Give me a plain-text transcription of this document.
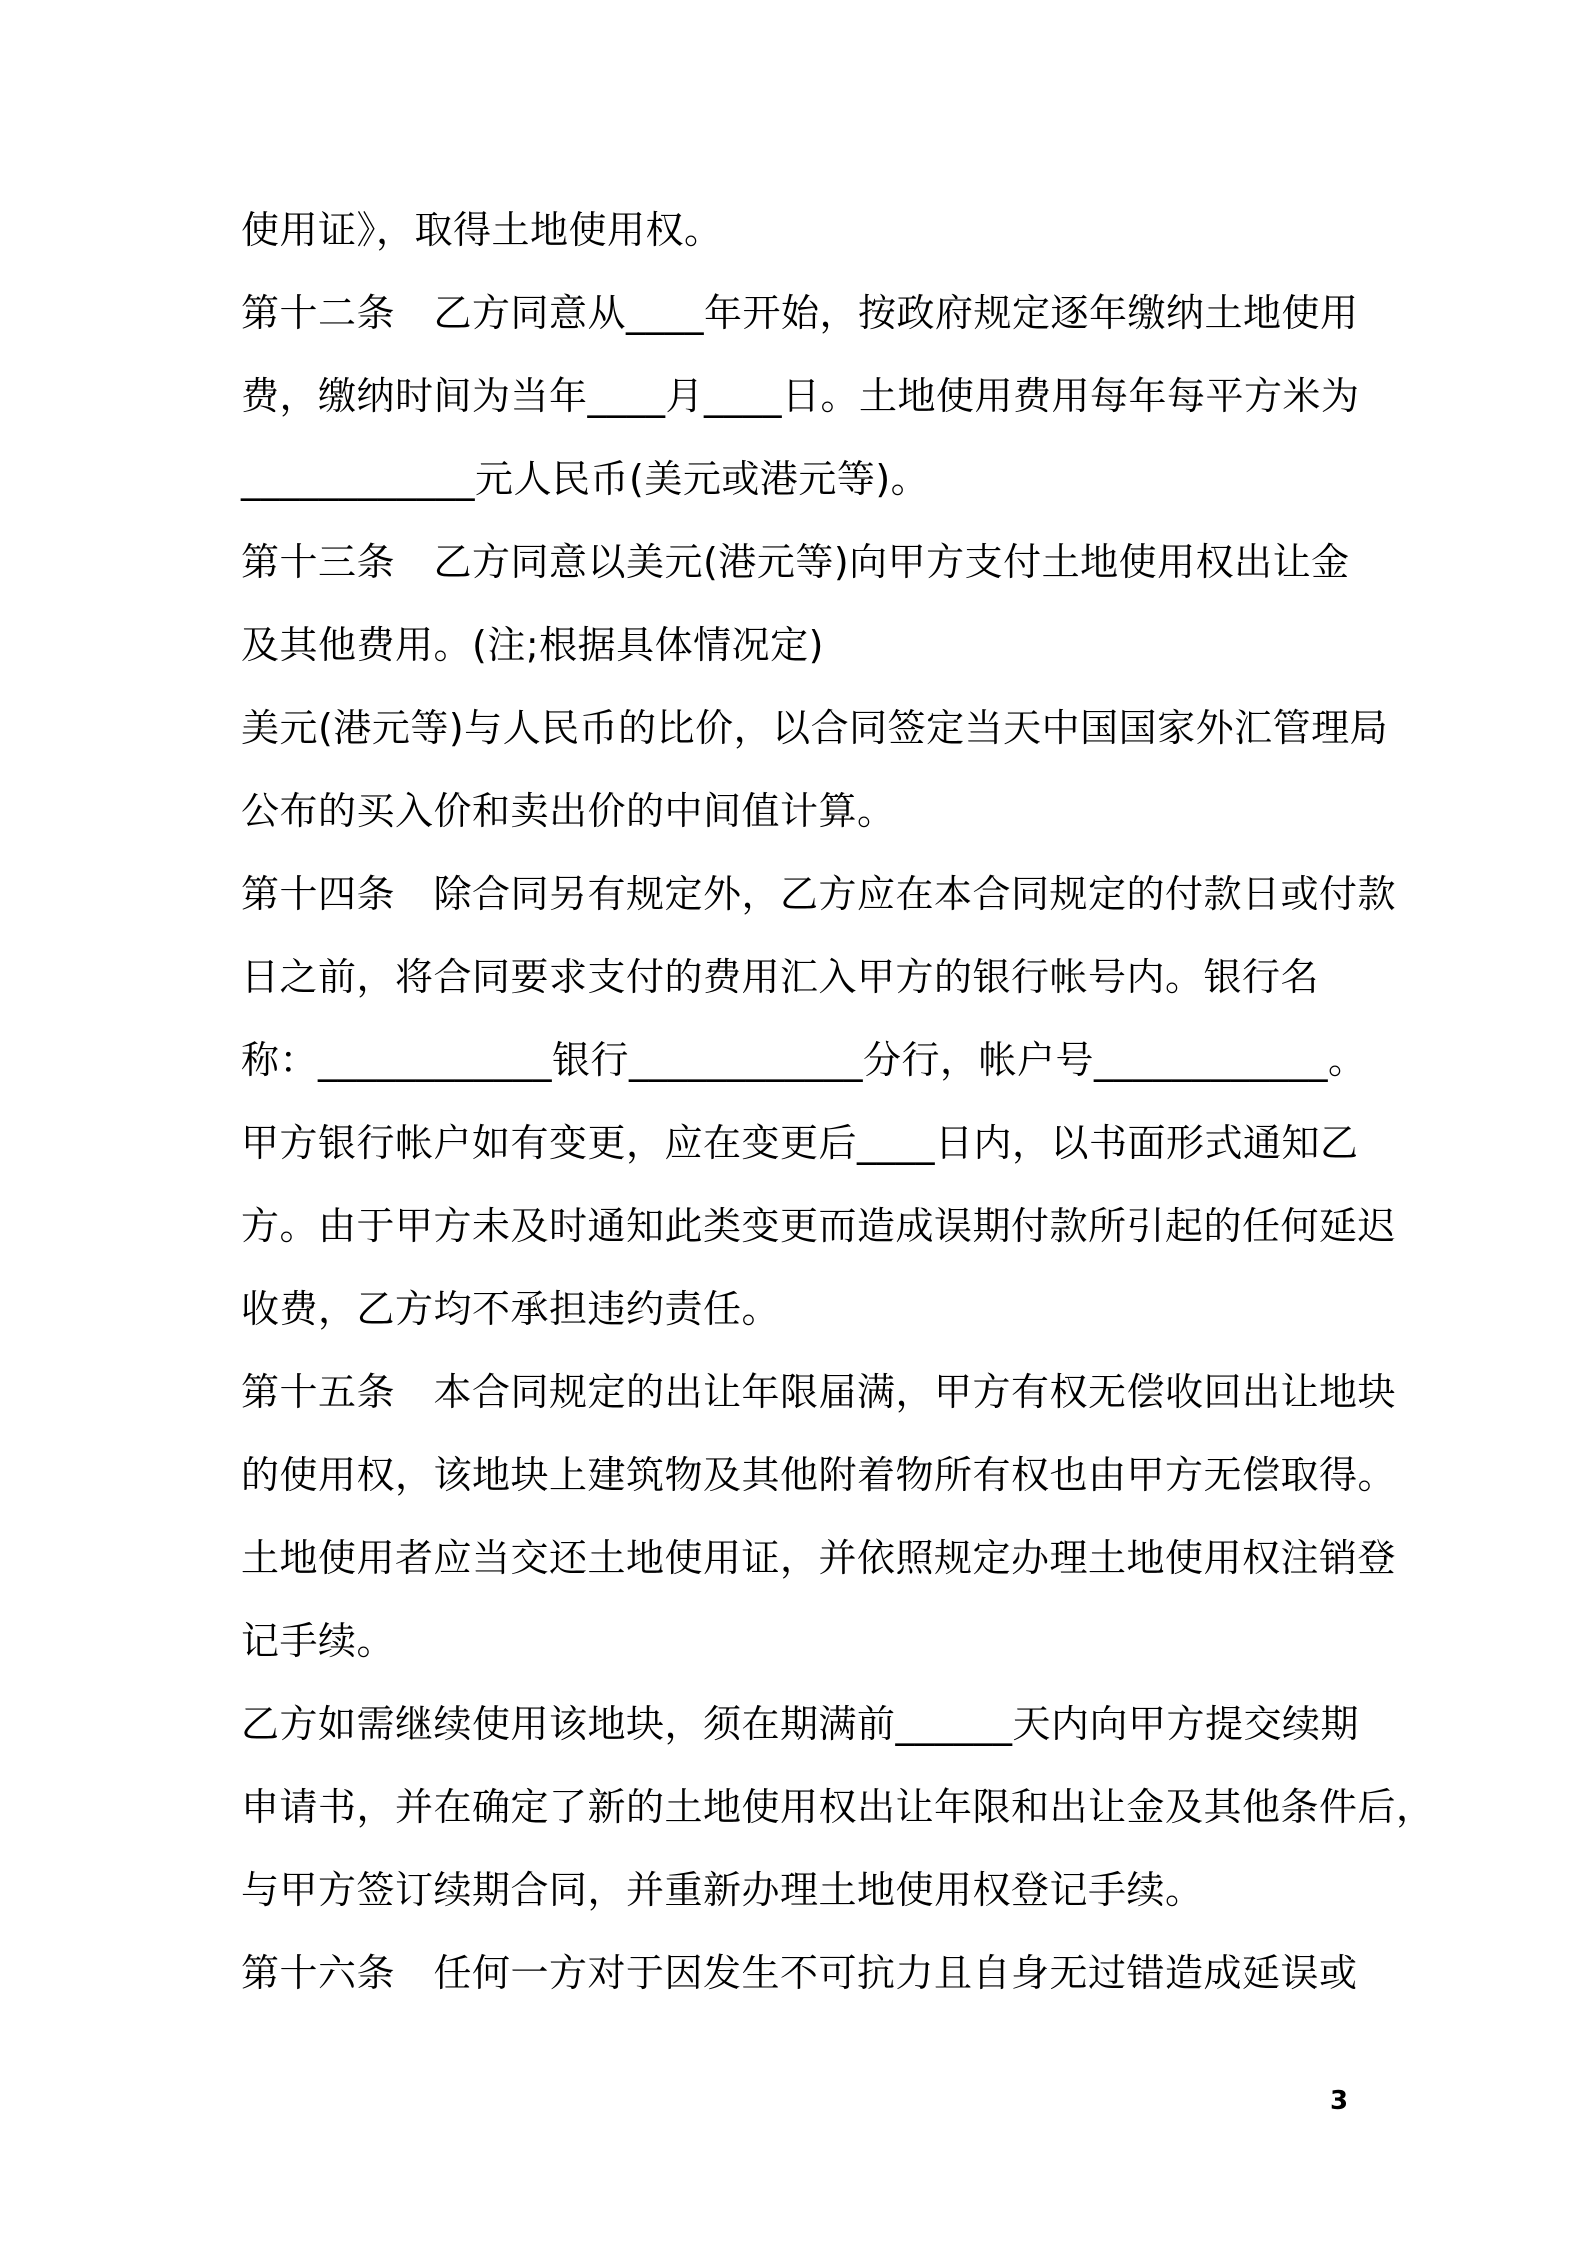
使用证》，取得土地使用权。
第十二条　乙方同意从____年开始，按政府规定逐年缴纳土地使用
费，缴纳时间为当年____月____日。土地使用费用每年每平方米为
____________元人民币(美元或港元等)。
第十三条　乙方同意以美元(港元等)向甲方支付土地使用权出让金
及其他费用。(注;根据具体情况定)
美元(港元等)与人民币的比价，以合同签定当天中国国家外汇管理局
公布的买入价和卖出价的中间值计算。
第十四条　除合同另有规定外，乙方应在本合同规定的付款日或付款
日之前，将合同要求支付的费用汇入甲方的银行帐号内。银行名
称：____________银行____________分行，帐户号____________。
甲方银行帐户如有变更，应在变更后____日内，以书面形式通知乙
方。由于甲方未及时通知此类变更而造成误期付款所引起的任何延迟
收费，乙方均不承担违约责任。
第十五条　本合同规定的出让年限届满，甲方有权无偿收回出让地块
的使用权，该地块上建筑物及其他附着物所有权也由甲方无偿取得。
土地使用者应当交还土地使用证，并依照规定办理土地使用权注销登
记手续。
乙方如需继续使用该地块，须在期满前______天内向甲方提交续期
申请书，并在确定了新的土地使用权出让年限和出让金及其他条件后，
与甲方签订续期合同，并重新办理土地使用权登记手续。
第十六条　任何一方对于因发生不可抗力且自身无过错造成延误或
3
